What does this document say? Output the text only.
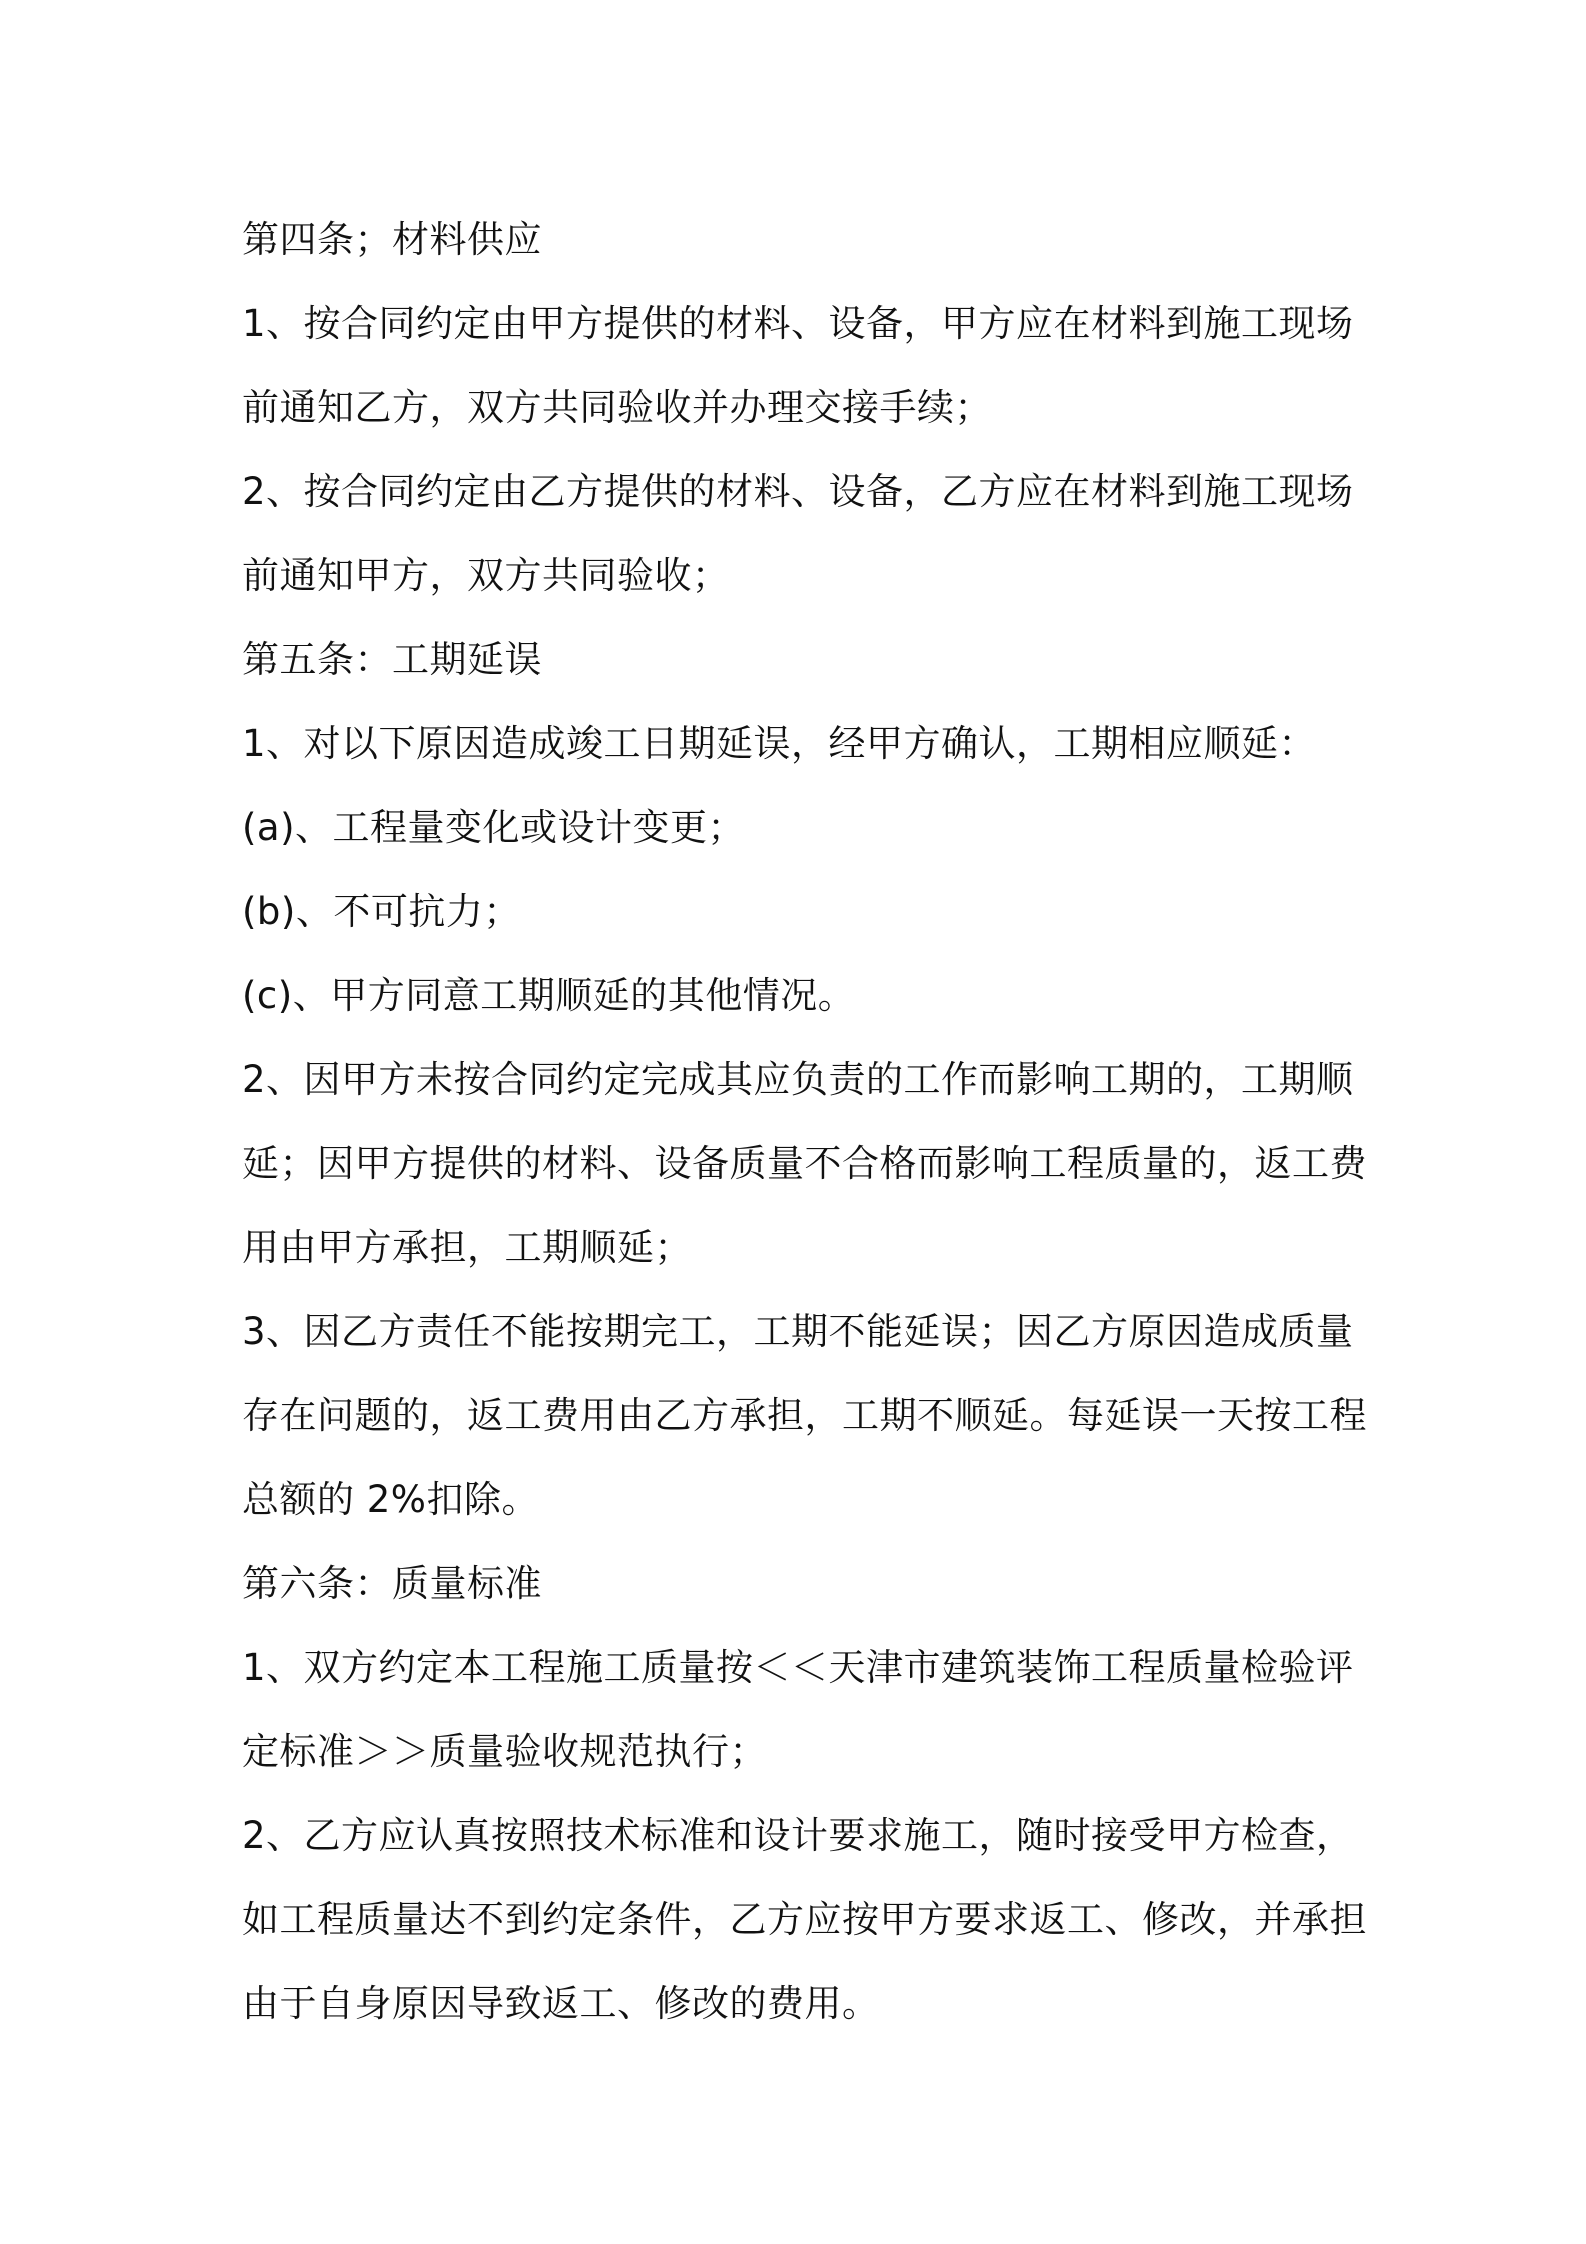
第四条；材料供应
1、按合同约定由甲方提供的材料、设备，甲方应在材料到施工现场
前通知乙方，双方共同验收并办理交接手续；
2、按合同约定由乙方提供的材料、设备，乙方应在材料到施工现场
前通知甲方，双方共同验收；
第五条：工期延误
1、对以下原因造成竣工日期延误，经甲方确认，工期相应顺延：
(a)、工程量变化或设计变更；
(b)、不可抗力；
(c)、甲方同意工期顺延的其他情况。
2、因甲方未按合同约定完成其应负责的工作而影响工期的，工期顺
延；因甲方提供的材料、设备质量不合格而影响工程质量的，返工费
用由甲方承担，工期顺延；
3、因乙方责任不能按期完工，工期不能延误；因乙方原因造成质量
存在问题的，返工费用由乙方承担，工期不顺延。每延误一天按工程
总额的 2%扣除。
第六条：质量标准
1、双方约定本工程施工质量按＜＜天津市建筑装饰工程质量检验评
定标准＞＞质量验收规范执行；
2、乙方应认真按照技术标准和设计要求施工，随时接受甲方检查，
如工程质量达不到约定条件，乙方应按甲方要求返工、修改，并承担
由于自身原因导致返工、修改的费用。
